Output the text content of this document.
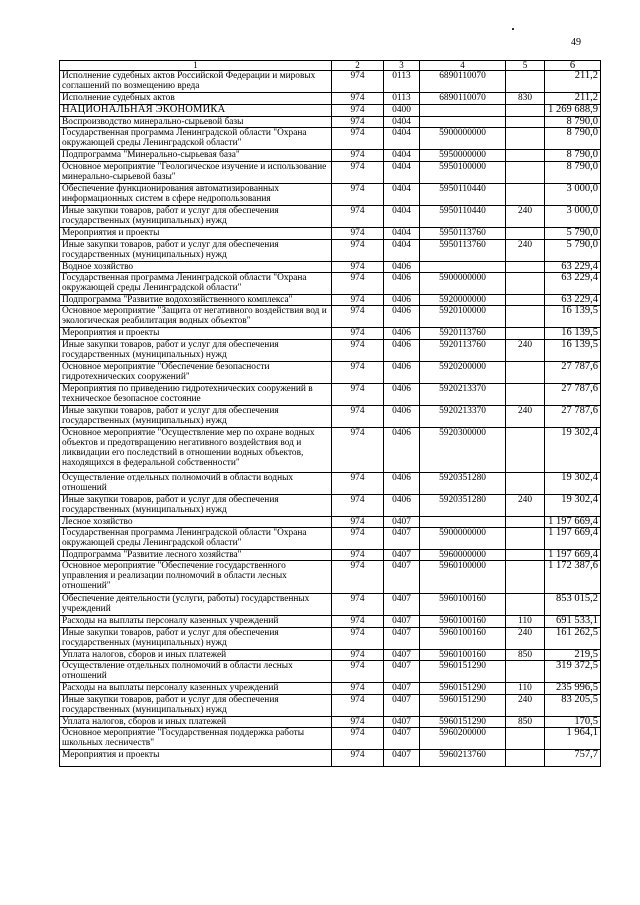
49
1	2	3	4	5	6
Исполнение судебных актов Российской Федерации и мировых соглашений по возмещению вреда	974	0113	6890110070		211,2
Исполнение судебных актов	974	0113	6890110070	830	211,2
НАЦИОНАЛЬНАЯ ЭКОНОМИКА	974	0400			1 269 688,9
Воспроизводство минерально-сырьевой базы	974	0404			8 790,0
Государственная программа Ленинградской области "Охрана окружающей среды Ленинградской области"	974	0404	5900000000		8 790,0
Подпрограмма "Минерально-сырьевая база"	974	0404	5950000000		8 790,0
Основное мероприятие "Геологическое изучение и использование минерально-сырьевой базы"	974	0404	5950100000		8 790,0
Обеспечение функционирования автоматизированных информационных систем в сфере недропользования	974	0404	5950110440		3 000,0
Иные закупки товаров, работ и услуг для обеспечения государственных (муниципальных) нужд	974	0404	5950110440	240	3 000,0
Мероприятия и проекты	974	0404	5950113760		5 790,0
Иные закупки товаров, работ и услуг для обеспечения государственных (муниципальных) нужд	974	0404	5950113760	240	5 790,0
Водное хозяйство	974	0406			63 229,4
Государственная программа Ленинградской области "Охрана окружающей среды Ленинградской области"	974	0406	5900000000		63 229,4
Подпрограмма "Развитие водохозяйственного комплекса"	974	0406	5920000000		63 229,4
Основное мероприятие "Защита от негативного воздействия вод и экологическая реабилитация водных объектов"	974	0406	5920100000		16 139,5
Мероприятия и проекты	974	0406	5920113760		16 139,5
Иные закупки товаров, работ и услуг для обеспечения государственных (муниципальных) нужд	974	0406	5920113760	240	16 139,5
Основное мероприятие "Обеспечение безопасности гидротехнических сооружений"	974	0406	5920200000		27 787,6
Мероприятия по приведению гидротехнических сооружений в техническое безопасное состояние	974	0406	5920213370		27 787,6
Иные закупки товаров, работ и услуг для обеспечения государственных (муниципальных) нужд	974	0406	5920213370	240	27 787,6
Основное мероприятие "Осуществление мер по охране водных объектов и предотвращению негативного воздействия вод и ликвидации его последствий в отношении водных объектов, находящихся в федеральной собственности"	974	0406	5920300000		19 302,4
Осуществление отдельных полномочий в области водных отношений	974	0406	5920351280		19 302,4
Иные закупки товаров, работ и услуг для обеспечения государственных (муниципальных) нужд	974	0406	5920351280	240	19 302,4
Лесное хозяйство	974	0407			1 197 669,4
Государственная программа Ленинградской области "Охрана окружающей среды Ленинградской области"	974	0407	5900000000		1 197 669,4
Подпрограмма "Развитие лесного хозяйства"	974	0407	5960000000		1 197 669,4
Основное мероприятие "Обеспечение государственного управления и реализации полномочий в области лесных отношений"	974	0407	5960100000		1 172 387,6
Обеспечение деятельности (услуги, работы) государственных учреждений	974	0407	5960100160		853 015,2
Расходы на выплаты персоналу казенных учреждений	974	0407	5960100160	110	691 533,1
Иные закупки товаров, работ и услуг для обеспечения государственных (муниципальных) нужд	974	0407	5960100160	240	161 262,5
Уплата налогов, сборов и иных платежей	974	0407	5960100160	850	219,5
Осуществление отдельных полномочий в области лесных отношений	974	0407	5960151290		319 372,5
Расходы на выплаты персоналу казенных учреждений	974	0407	5960151290	110	235 996,5
Иные закупки товаров, работ и услуг для обеспечения государственных (муниципальных) нужд	974	0407	5960151290	240	83 205,5
Уплата налогов, сборов и иных платежей	974	0407	5960151290	850	170,5
Основное мероприятие "Государственная поддержка работы школьных лесничеств"	974	0407	5960200000		1 964,1
Мероприятия и проекты	974	0407	5960213760		757,7
